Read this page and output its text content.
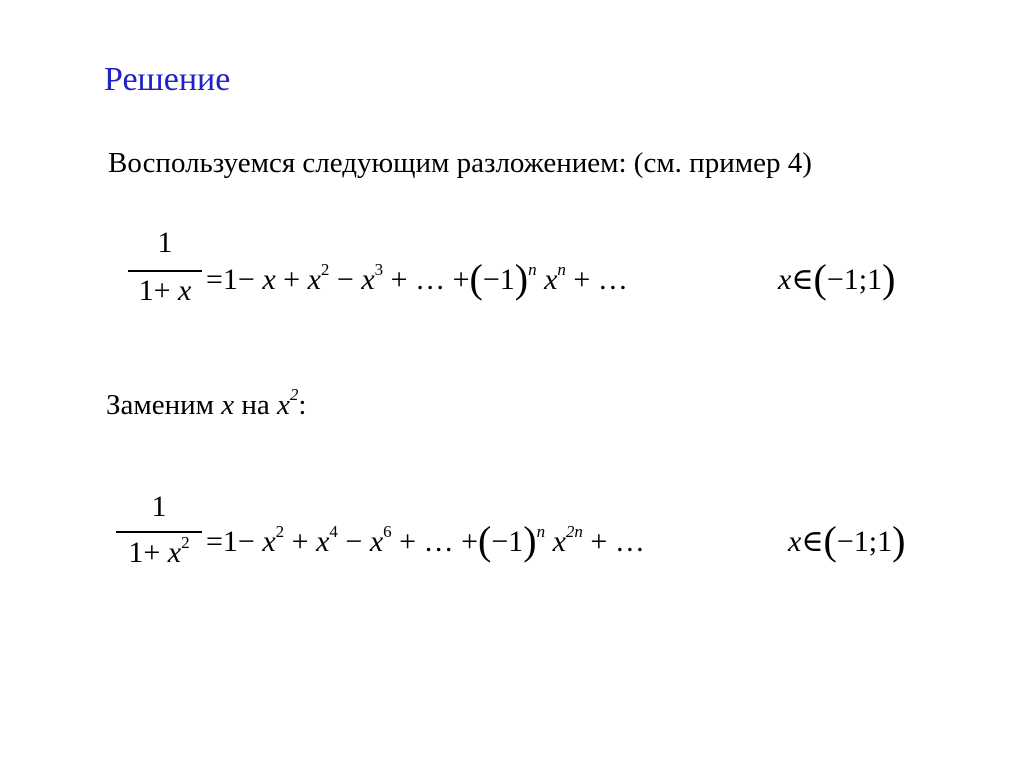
Решение
Воспользуемся следующим разложением: (см. пример 4)
1
$1+ x =1- x + x^2 - x^3$ + … $+(-1)^n$ $x^n$ + …	x∈(−1;1)
Заменим x на $x^2$:
1
$1+ x^2 =1- x^2 + x^4 - x^6$ + … $+(-1)^n$ $x^{2n}$ + …	x∈(−1;1)
